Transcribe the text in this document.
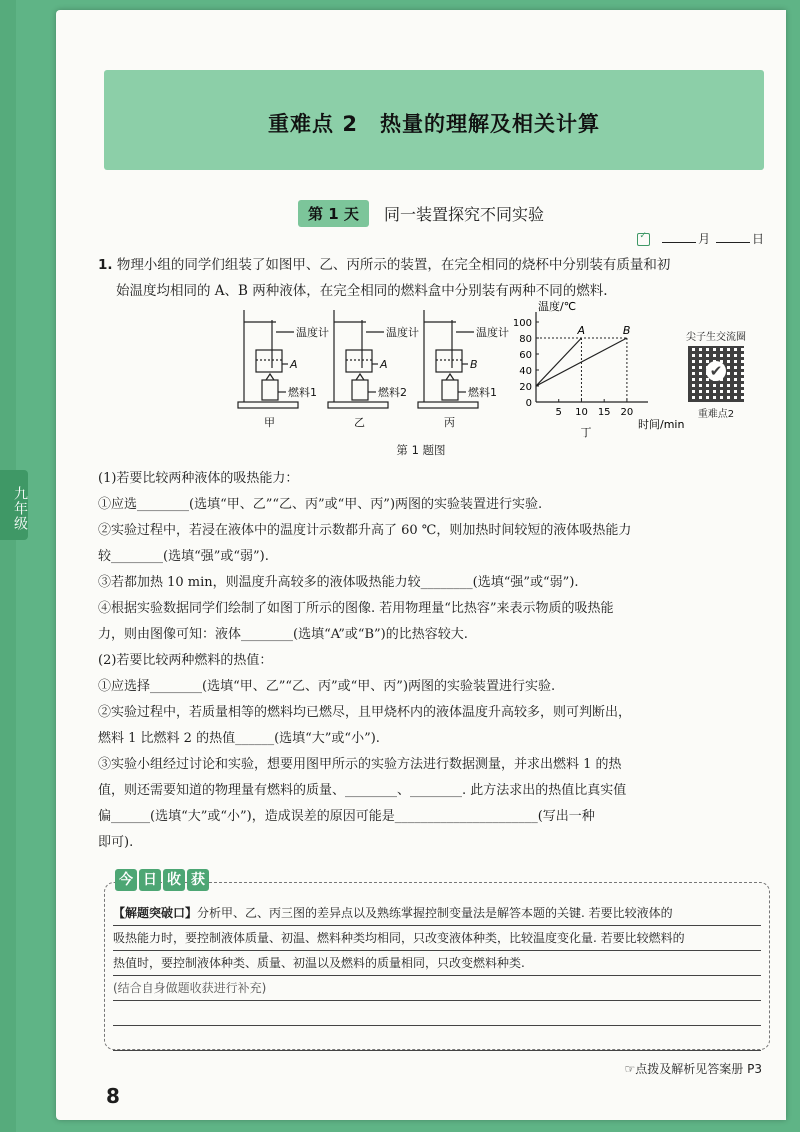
九年级
重难点 2　热量的理解及相关计算
第 1 天 同一装置探究不同实验
✓ 月	日
1. 物理小组的同学们组装了如图甲、乙、丙所示的装置，在完全相同的烧杯中分别装有质量和初
始温度均相同的 A、B 两种液体，在完全相同的燃料盒中分别装有两种不同的燃料.
温度计	温度计	温度计
A	A	B
燃料1	燃料2	燃料1
甲	乙	丙
温度/℃
时间/min
0
20
40
60
80
100
5 10 15 20
A	B
丁
尖子生交流圈
✔
重难点2
第 1 题图
(1)若要比较两种液体的吸热能力：
①应选________(选填“甲、乙”“乙、丙”或“甲、丙”)两图的实验装置进行实验.
②实验过程中，若浸在液体中的温度计示数都升高了 60 ℃，则加热时间较短的液体吸热能力
较________(选填“强”或“弱”).
③若都加热 10 min，则温度升高较多的液体吸热能力较________(选填“强”或“弱”).
④根据实验数据同学们绘制了如图丁所示的图像. 若用物理量“比热容”来表示物质的吸热能
力，则由图像可知：液体________(选填“A”或“B”)的比热容较大.
(2)若要比较两种燃料的热值：
①应选择________(选填“甲、乙”“乙、丙”或“甲、丙”)两图的实验装置进行实验.
②实验过程中，若质量相等的燃料均已燃尽，且甲烧杯内的液体温度升高较多，则可判断出，
燃料 1 比燃料 2 的热值______(选填“大”或“小”).
③实验小组经过讨论和实验，想要用图甲所示的实验方法进行数据测量，并求出燃料 1 的热
值，则还需要知道的物理量有燃料的质量、________、________. 此方法求出的热值比真实值
偏______(选填“大”或“小”)，造成误差的原因可能是______________________(写出一种
即可).
今 日 收 获
【解题突破口】分析甲、乙、丙三图的差异点以及熟练掌握控制变量法是解答本题的关键. 若要比较液体的
吸热能力时，要控制液体质量、初温、燃料种类均相同，只改变液体种类，比较温度变化量. 若要比较燃料的
热值时，要控制液体种类、质量、初温以及燃料的质量相同，只改变燃料种类.
(结合自身做题收获进行补充)
☞点拨及解析见答案册 P3
8
